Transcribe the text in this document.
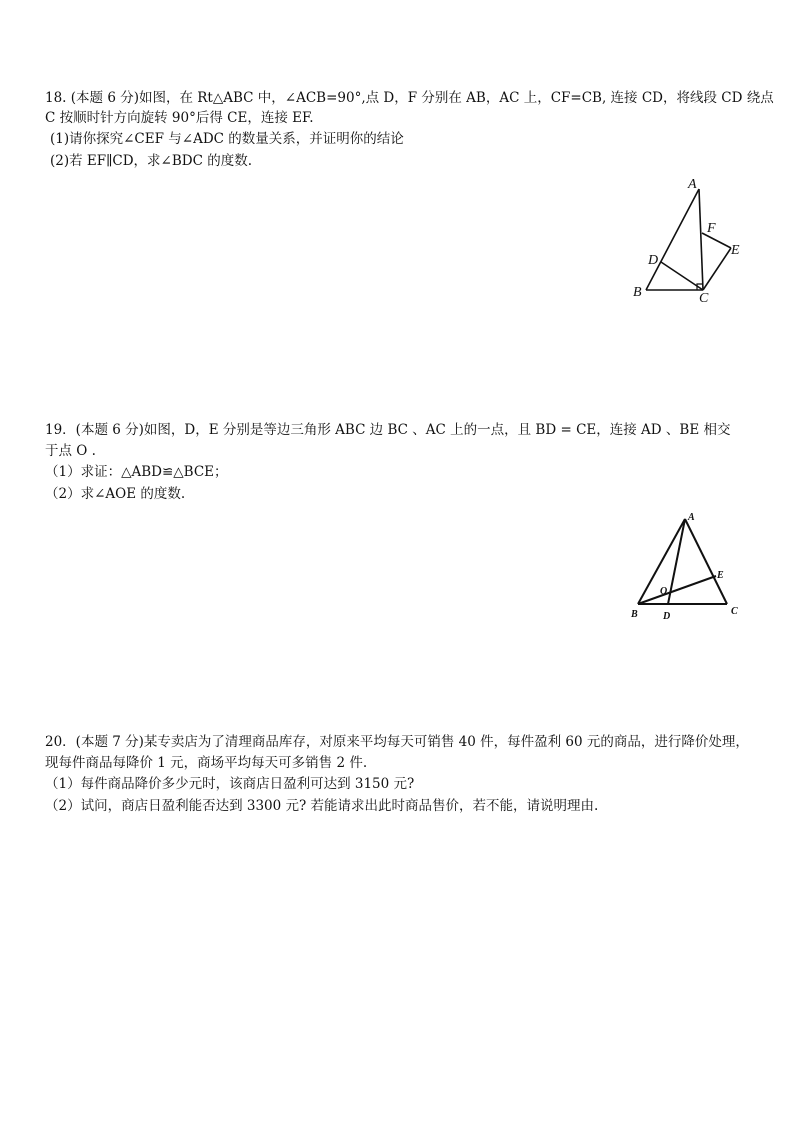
18. (本题 6 分)如图，在 Rt△ABC 中，∠ACB=90°,点 D，F 分别在 AB，AC 上，CF=CB, 连接 CD，将线段 CD 绕点
C 按顺时针方向旋转 90°后得 CE，连接 EF.
(1)请你探究∠CEF 与∠ADC 的数量关系，并证明你的结论
(2)若 EF∥CD，求∠BDC 的度数.
A
B	C
D
E
F
19．(本题 6 分)如图，D，E 分别是等边三角形 ABC 边 BC 、AC 上的一点，且 BD = CE，连接 AD 、BE 相交
于点 O .
（1）求证：△ABD≌△BCE；
（2）求∠AOE 的度数.
A
B	C
D
E
O
20．(本题 7 分)某专卖店为了清理商品库存，对原来平均每天可销售 40 件，每件盈利 60 元的商品，进行降价处理，
现每件商品每降价 1 元，商场平均每天可多销售 2 件.
（1）每件商品降价多少元时，该商店日盈利可达到 3150 元?
（2）试问，商店日盈利能否达到 3300 元? 若能请求出此时商品售价，若不能，请说明理由.
